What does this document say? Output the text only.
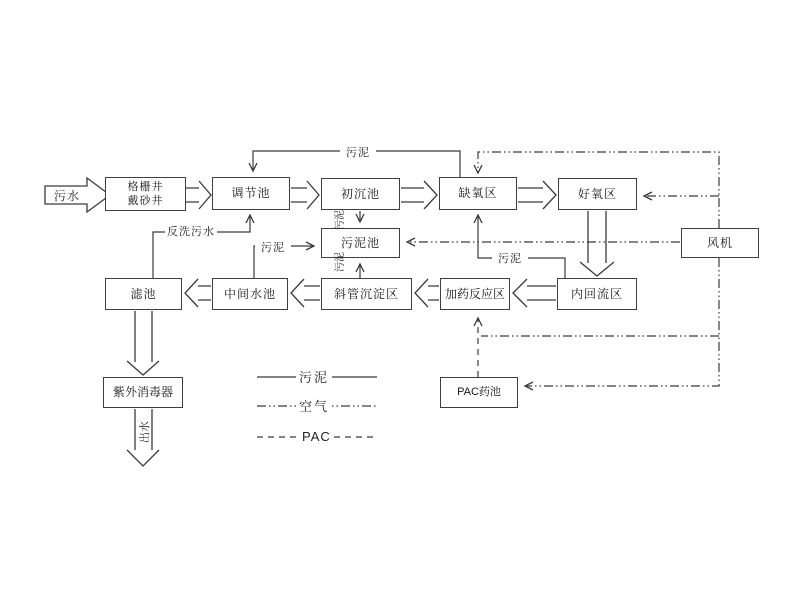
格栅井
戴砂井
调节池	初沉池	缺氧区	好氧区
风机
污泥池
滤池	中间水池	斜管沉淀区	加药反应区	内回流区
紫外消毒器	PAC药池
污水
出水
污泥
污泥
污泥
污泥
污泥
反洗污水
污泥
空气
PAC
